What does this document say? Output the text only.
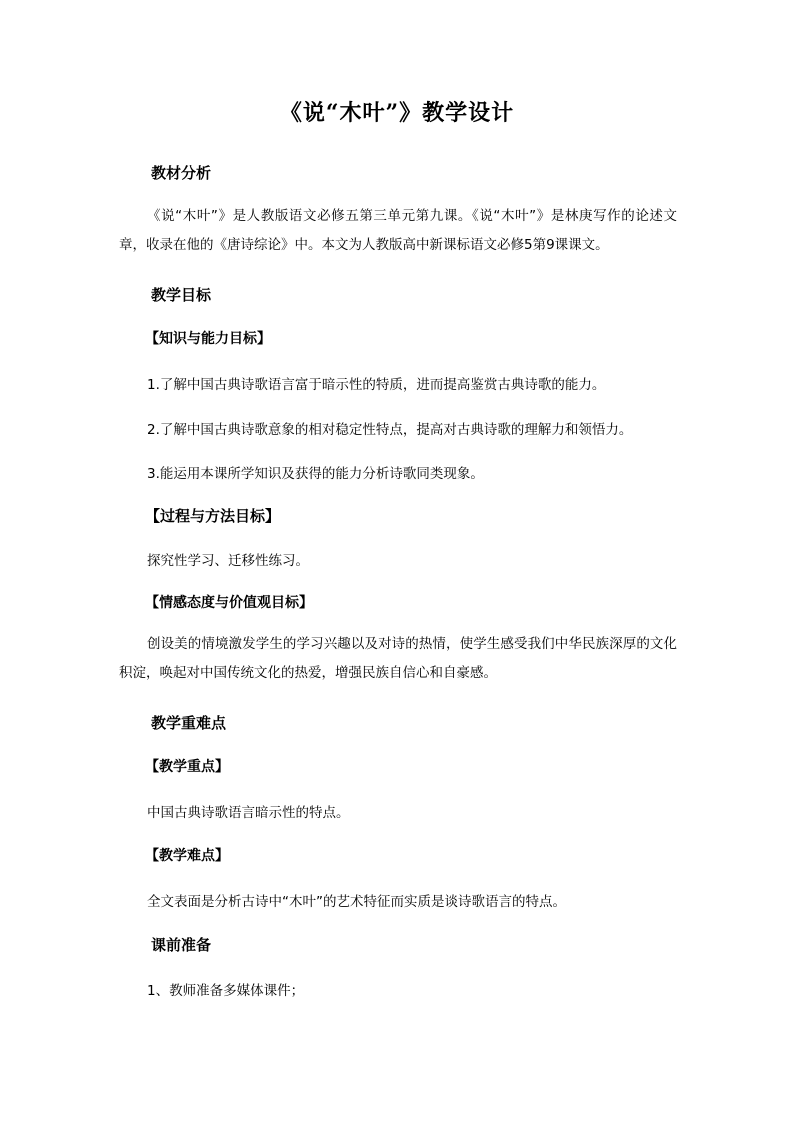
《说“木叶”》教学设计
教材分析
《说“木叶”》是人教版语文必修五第三单元第九课。《说“木叶”》是林庚写作的论述文章，收录在他的《唐诗综论》中。本文为人教版高中新课标语文必修5第9课课文。
教学目标
【知识与能力目标】
1.了解中国古典诗歌语言富于暗示性的特质，进而提高鉴赏古典诗歌的能力。
2.了解中国古典诗歌意象的相对稳定性特点，提高对古典诗歌的理解力和领悟力。
3.能运用本课所学知识及获得的能力分析诗歌同类现象。
【过程与方法目标】
探究性学习、迁移性练习。
【情感态度与价值观目标】
创设美的情境激发学生的学习兴趣以及对诗的热情，使学生感受我们中华民族深厚的文化积淀，唤起对中国传统文化的热爱，增强民族自信心和自豪感。
教学重难点
【教学重点】
中国古典诗歌语言暗示性的特点。
【教学难点】
全文表面是分析古诗中“木叶”的艺术特征而实质是谈诗歌语言的特点。
课前准备
1、教师准备多媒体课件；
